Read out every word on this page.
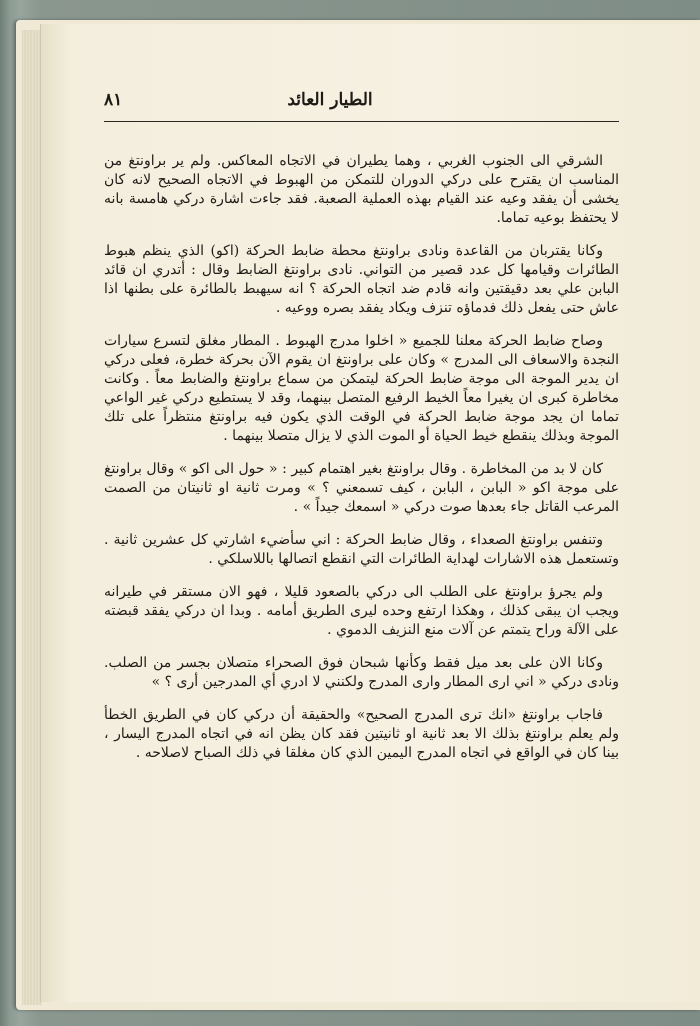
٨١	الطيار العائد

الشرقي الى الجنوب الغربي ، وهما يطيران في الاتجاه المعاكس. ولم ير براونتغ من المناسب ان يقترح على دركي الدوران للتمكن من الهبوط في الاتجاه الصحيح لانه كان يخشى أن يفقد وعيه عند القيام بهذه العملية الصعبة. فقد جاءت اشارة دركي هامسة بانه لا يحتفظ بوعيه تماما.

وكانا يقتربان من القاعدة ونادى براونتغ محطة ضابط الحركة (اكو) الذي ينظم هبوط الطائرات وقيامها كل عدد قصير من التواني. نادى براونتغ الضابط وقال : أتدري ان قائد البابن علي بعد دقيقتين وانه قادم ضد اتجاه الحركة ؟ انه سيهبط بالطائرة على بطنها اذا عاش حتى يفعل ذلك فدماؤه تنزف ويكاد يفقد بصره ووعيه .

وصاح ضابط الحركة معلنا للجميع « اخلوا مدرج الهبوط . المطار مغلق لتسرع سيارات النجدة والاسعاف الى المدرج » وكان على براونتغ ان يقوم الآن بحركة خطرة، فعلى دركي ان يدير الموجة الى موجة ضابط الحركة ليتمكن من سماع براونتغ والضابط معاً . وكانت مخاطرة كبرى ان يغيرا معاً الخيط الرفيع المتصل بينهما، وقد لا يستطيع دركي غير الواعي تماما ان يجد موجة ضابط الحركة في الوقت الذي يكون فيه براونتغ منتظراً على تلك الموجة وبذلك ينقطع خيط الحياة أو الموت الذي لا يزال متصلا بينهما .

كان لا بد من المخاطرة . وقال براونتغ بغير اهتمام كبير : « حول الى اكو » وقال براونتغ على موجة اكو « البابن ، البابن ، كيف تسمعني ؟ » ومرت ثانية او ثانيتان من الصمت المرعب القاتل جاء بعدها صوت دركي « اسمعك جيداً » .

وتنفس براونتغ الصعداء ، وقال ضابط الحركة : اني سأضيء اشارتي كل عشرين ثانية . وتستعمل هذه الاشارات لهداية الطائرات التي انقطع اتصالها باللاسلكي .

ولم يجرؤ براونتغ على الطلب الى دركي بالصعود قليلا ، فهو الان مستقر في طيرانه ويجب ان يبقى كذلك ، وهكذا ارتفع وحده ليرى الطريق أمامه . وبدا ان دركي يفقد قبضته على الآلة وراح يتمتم عن آلات منع النزيف الدموي .

وكانا الان على بعد ميل فقط وكأنها شبحان فوق الصحراء متصلان بجسر من الصلب. ونادى دركي « اني ارى المطار وارى المدرج ولكنني لا ادري أي المدرجين أرى ؟ »

فاجاب براونتغ «انك ترى المدرج الصحيح» والحقيقة أن دركي كان في الطريق الخطأ ولم يعلم براونتغ بذلك الا بعد ثانية او ثانيتين فقد كان يظن انه في اتجاه المدرج اليسار ، بينا كان في الواقع في اتجاه المدرج اليمين الذي كان مغلقا في ذلك الصباح لاصلاحه .
